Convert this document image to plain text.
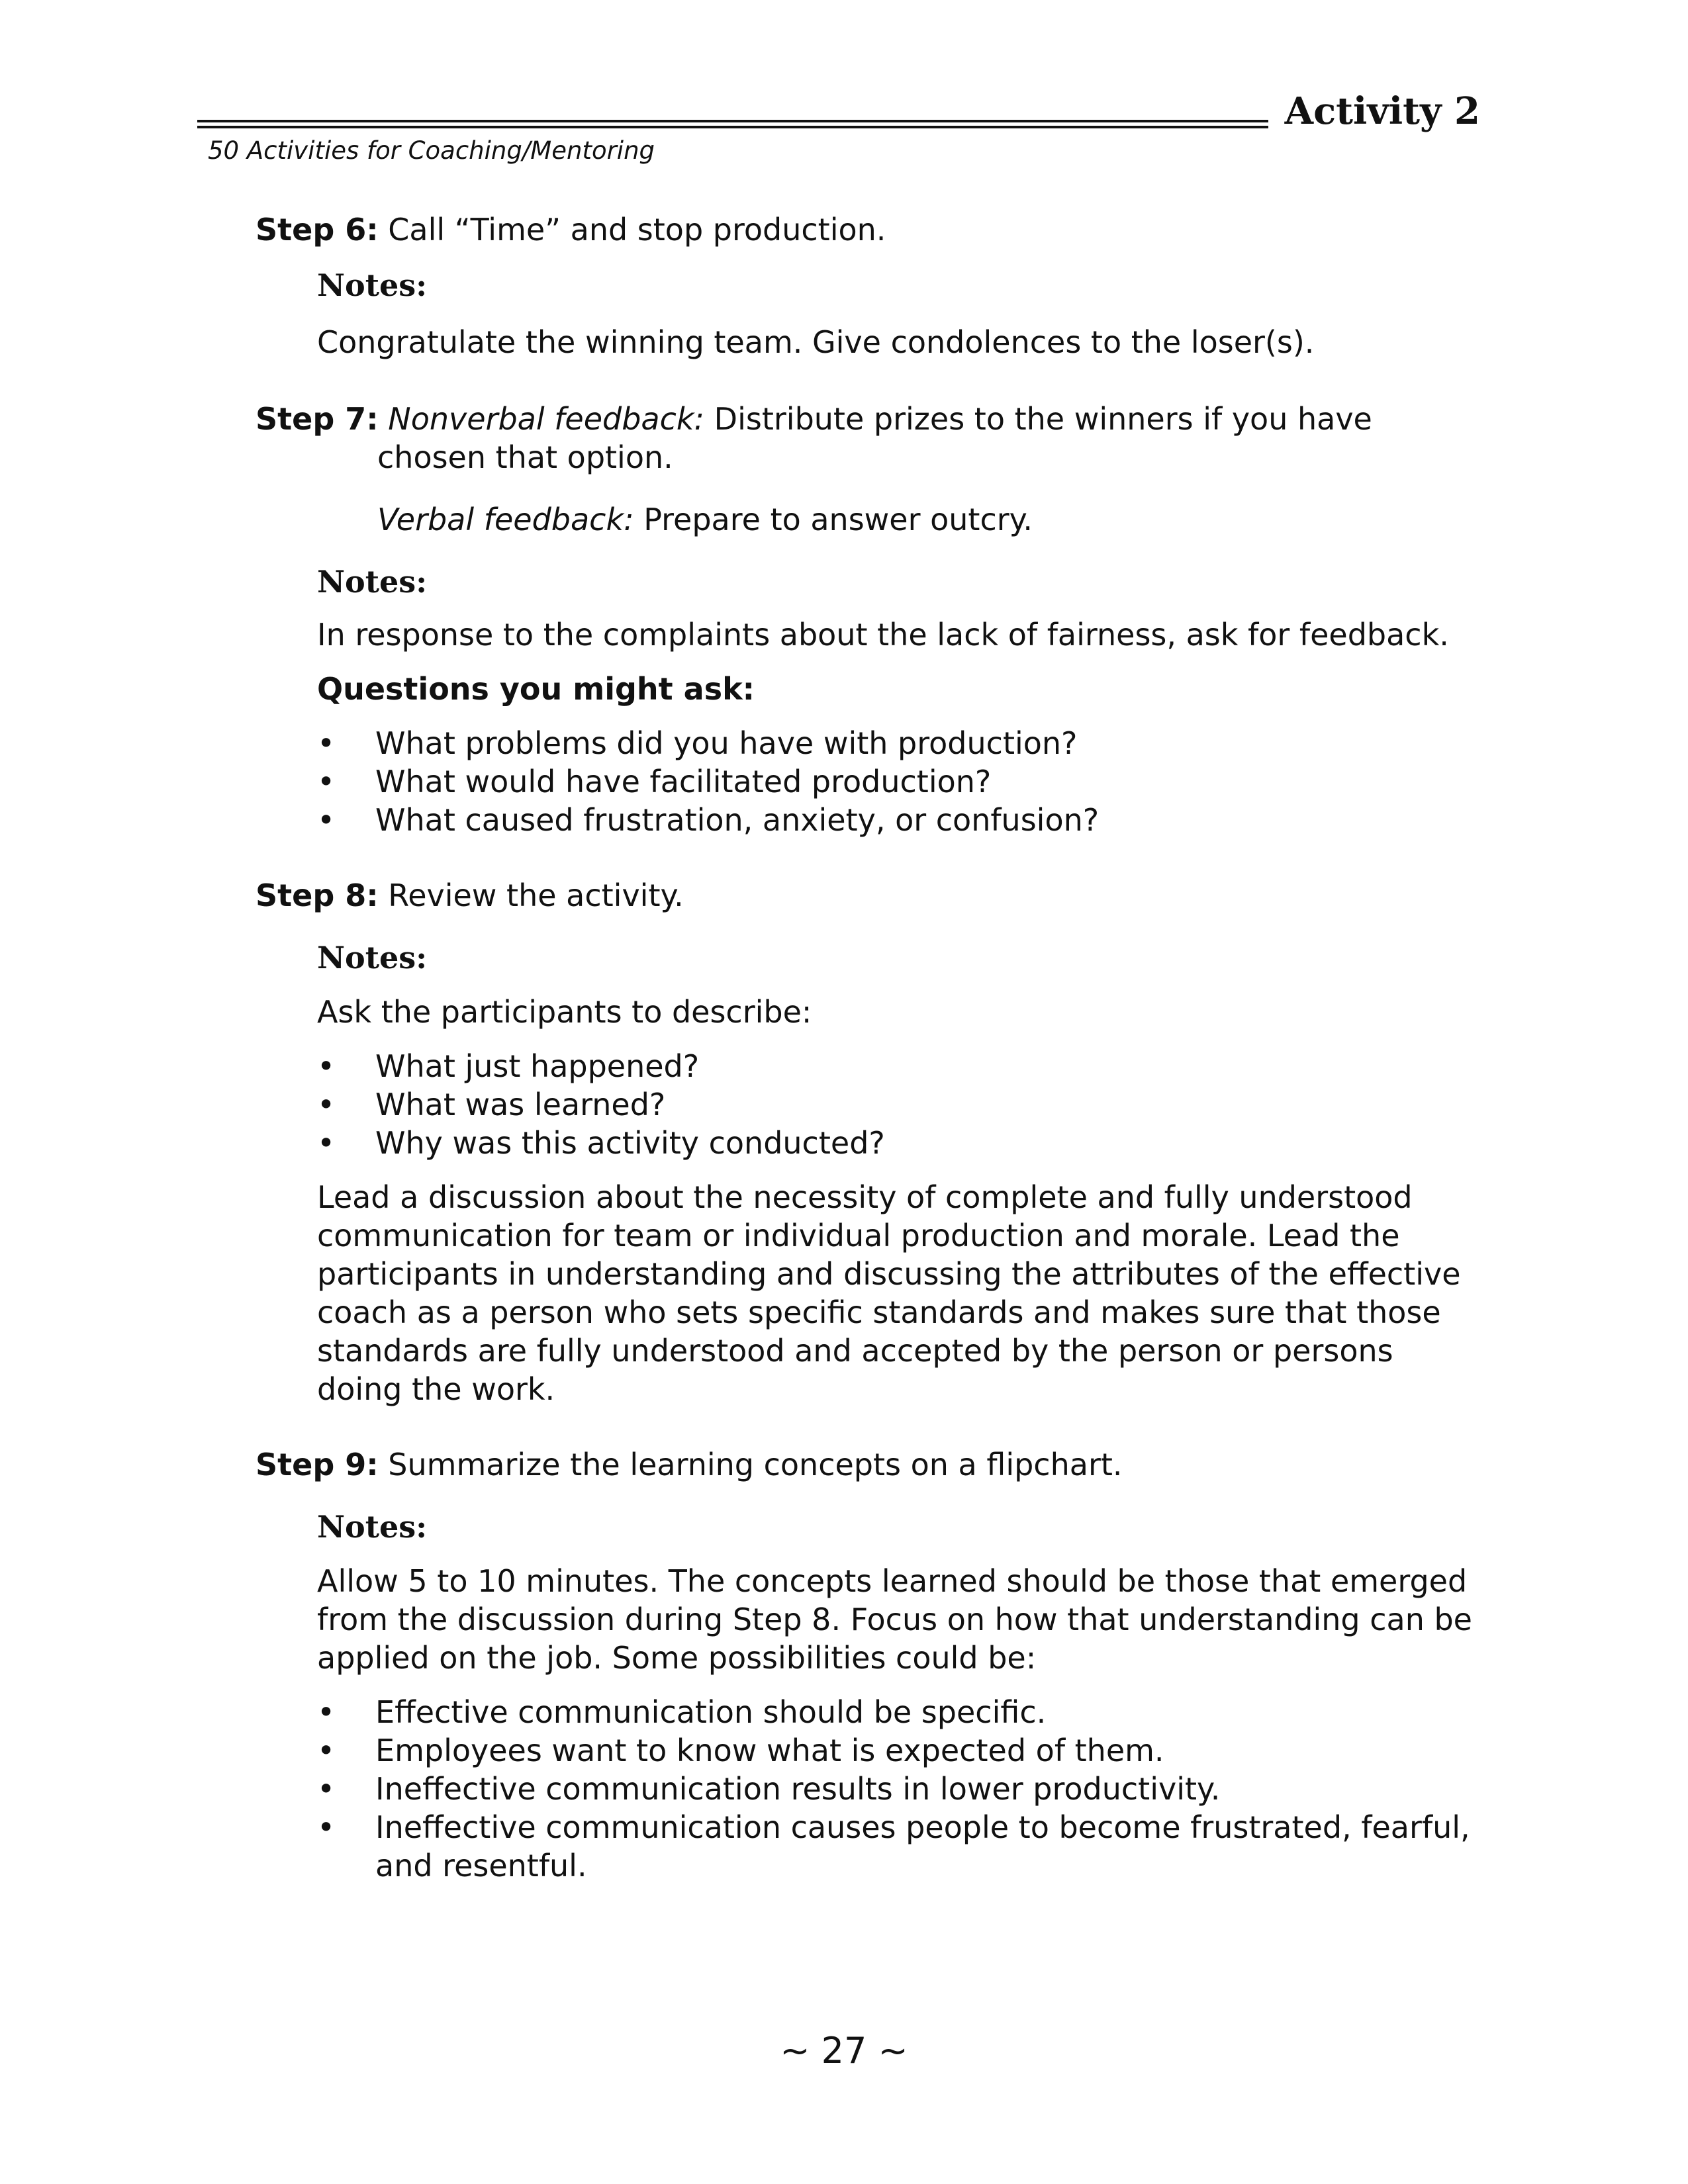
Activity 2
50 Activities for Coaching/Mentoring

Step 6: Call “Time” and stop production.

Notes:

Congratulate the winning team. Give condolences to the loser(s).

Step 7: Nonverbal feedback: Distribute prizes to the winners if you have chosen that option.

Verbal feedback: Prepare to answer outcry.

Notes:

In response to the complaints about the lack of fairness, ask for feedback.

Questions you might ask:

• What problems did you have with production?
• What would have facilitated production?
• What caused frustration, anxiety, or confusion?

Step 8: Review the activity.

Notes:

Ask the participants to describe:

• What just happened?
• What was learned?
• Why was this activity conducted?

Lead a discussion about the necessity of complete and fully understood communication for team or individual production and morale. Lead the participants in understanding and discussing the attributes of the effective coach as a person who sets specific standards and makes sure that those standards are fully understood and accepted by the person or persons doing the work.

Step 9: Summarize the learning concepts on a flipchart.

Notes:

Allow 5 to 10 minutes. The concepts learned should be those that emerged from the discussion during Step 8. Focus on how that understanding can be applied on the job. Some possibilities could be:

• Effective communication should be specific.
• Employees want to know what is expected of them.
• Ineffective communication results in lower productivity.
• Ineffective communication causes people to become frustrated, fearful, and resentful.
~ 27 ~
